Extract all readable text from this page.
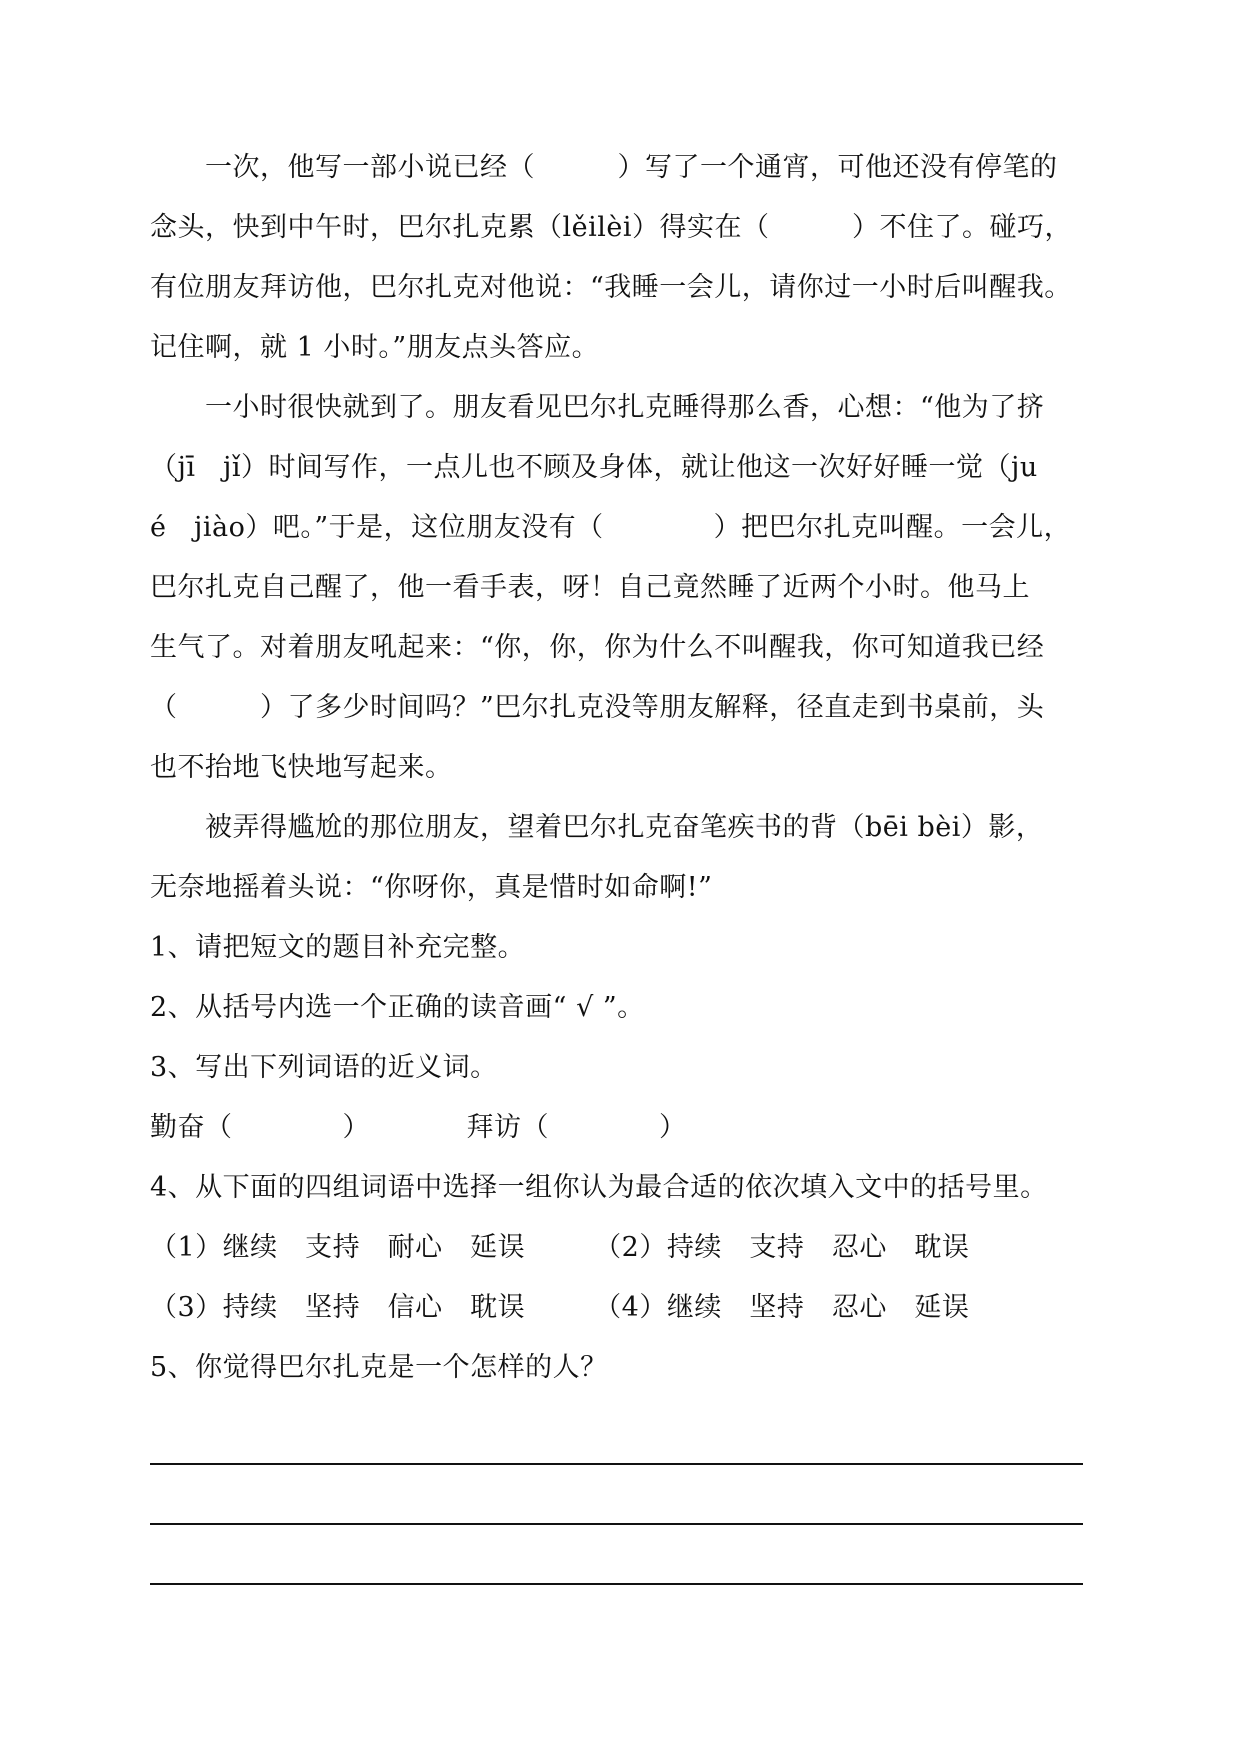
一次，他写一部小说已经（　　　）写了一个通宵，可他还没有停笔的
念头，快到中午时，巴尔扎克累（lěilèi）得实在（　　　）不住了。碰巧，
有位朋友拜访他，巴尔扎克对他说：“我睡一会儿，请你过一小时后叫醒我。
记住啊，就 1 小时。”朋友点头答应。
一小时很快就到了。朋友看见巴尔扎克睡得那么香，心想：“他为了挤
（jī　jǐ）时间写作，一点儿也不顾及身体，就让他这一次好好睡一觉（ju
é　jiào）吧。”于是，这位朋友没有（　　　　）把巴尔扎克叫醒。一会儿，
巴尔扎克自己醒了，他一看手表，呀！自己竟然睡了近两个小时。他马上
生气了。对着朋友吼起来：“你，你，你为什么不叫醒我，你可知道我已经
（　　　）了多少时间吗？”巴尔扎克没等朋友解释，径直走到书桌前，头
也不抬地飞快地写起来。
被弄得尴尬的那位朋友，望着巴尔扎克奋笔疾书的背（bēi bèi）影，
无奈地摇着头说：“你呀你，真是惜时如命啊!”
1、请把短文的题目补充完整。
2、从括号内选一个正确的读音画“ √ ”。
3、写出下列词语的近义词。
勤奋（　　　　）　　　　拜访（　　　　）
4、从下面的四组词语中选择一组你认为最合适的依次填入文中的括号里。
（1）继续　支持　耐心　延误　　　（2）持续　支持　忍心　耽误
（3）持续　坚持　信心　耽误　　　（4）继续　坚持　忍心　延误
5、你觉得巴尔扎克是一个怎样的人？
